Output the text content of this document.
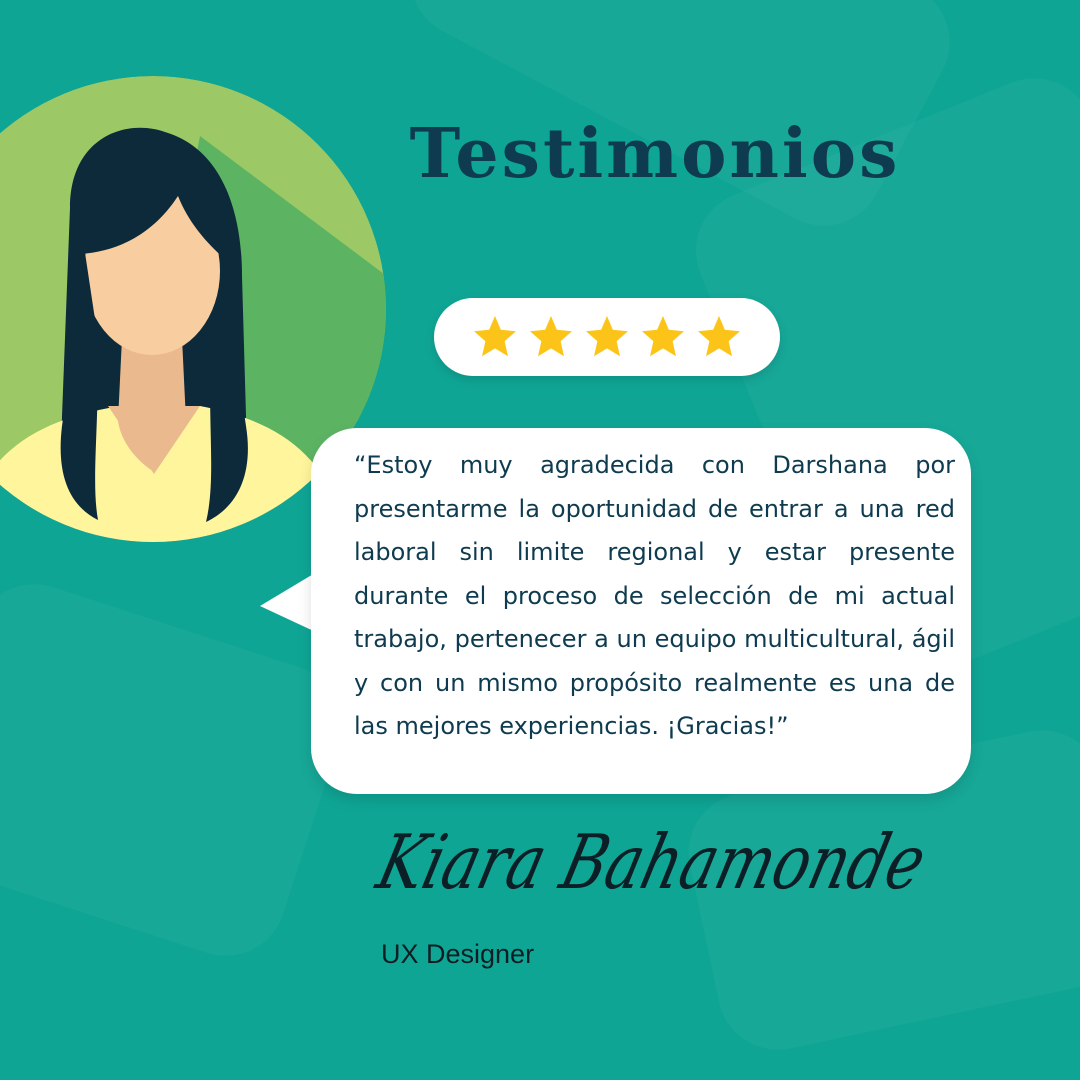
Testimonios

“Estoy muy agradecida con Darshana por presentarme la oportunidad de entrar a una red laboral sin limite regional y estar presente durante el proceso de selección de mi actual trabajo, pertenecer a un equipo multicultural, ágil y con un mismo propósito realmente es una de las mejores experiencias. ¡Gracias!”

Kiara Bahamonde
UX Designer
